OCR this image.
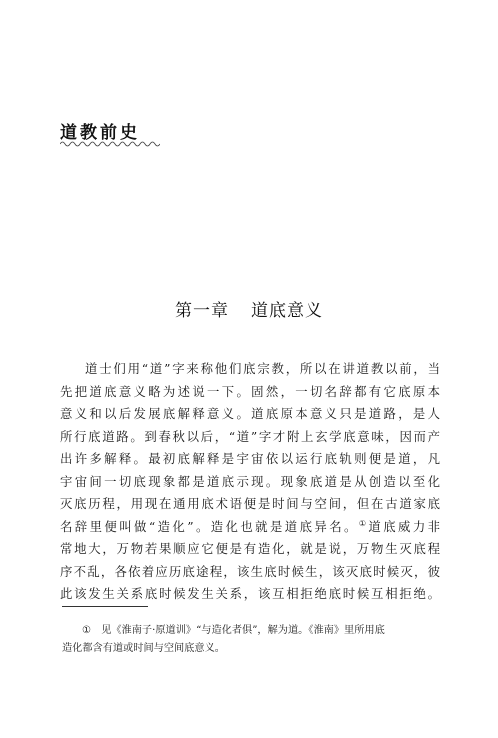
道教前史
第一章 道底意义
道士们用“道”字来称他们底宗教，所以在讲道教以前，当
先把道底意义略为述说一下。固然，一切名辞都有它底原本
意义和以后发展底解释意义。道底原本意义只是道路，是人
所行底道路。到春秋以后，“道”字才附上玄学底意味，因而产
出许多解释。最初底解释是宇宙依以运行底轨则便是道，凡
宇宙间一切底现象都是道底示现。现象底道是从创造以至化
灭底历程，用现在通用底术语便是时间与空间，但在古道家底
名辞里便叫做“造化”。造化也就是道底异名。①道底威力非
常地大，万物若果顺应它便是有造化，就是说，万物生灭底程
序不乱，各依着应历底途程，该生底时候生，该灭底时候灭，彼
此该发生关系底时候发生关系，该互相拒绝底时候互相拒绝。
① 见《淮南子·原道训》“与造化者俱”，解为道。《淮南》里所用底
造化都含有道或时间与空间底意义。
